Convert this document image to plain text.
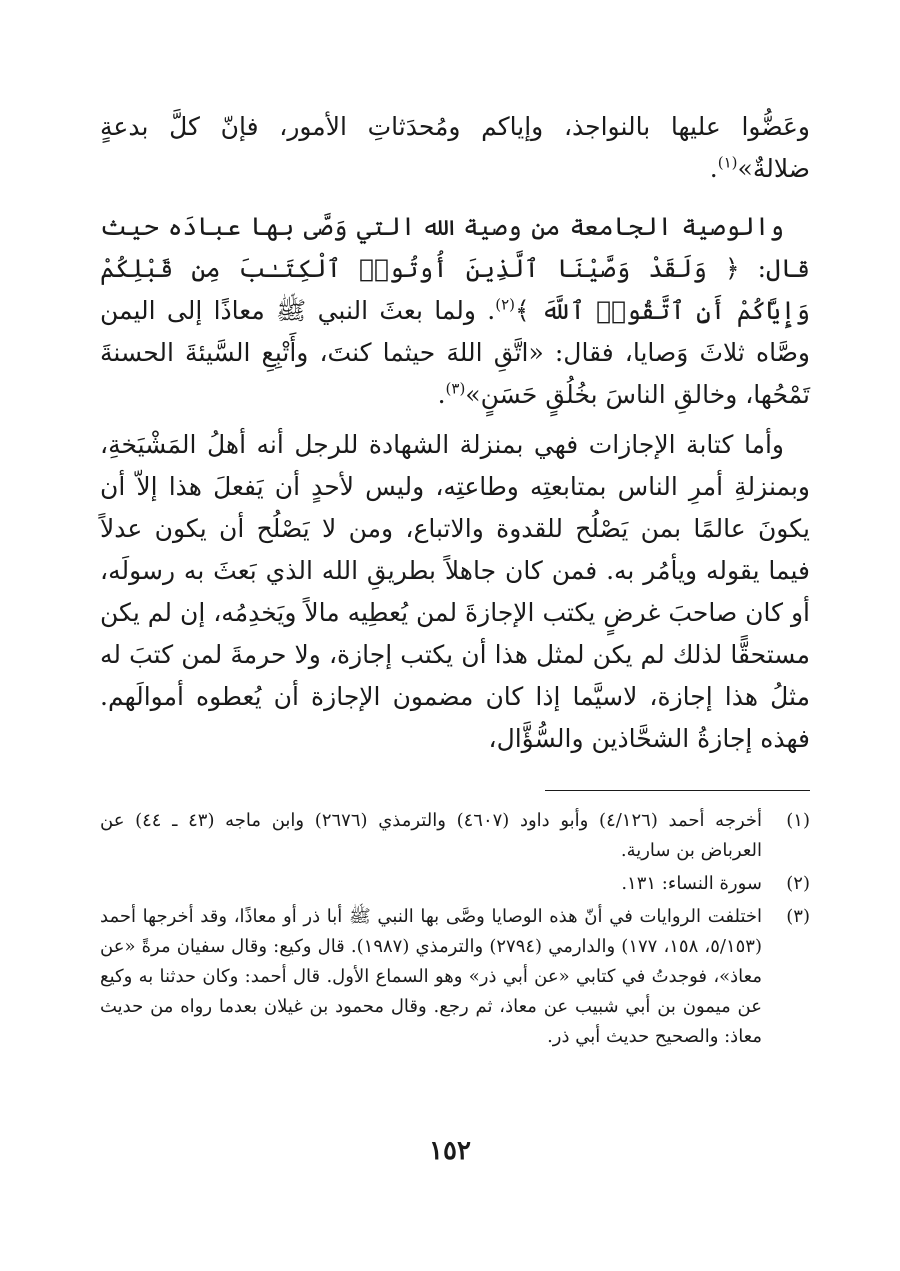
وعَضُّوا عليها بالنواجذ، وإياكم ومُحدَثاتِ الأمور، فإنّ كلَّ بدعةٍ ضلالةٌ»$^{(١)}$.
والوصية الجامعة من وصية الله التي وَصَّى بها عبادَه حيث قال: ﴿ وَلَقَدْ وَصَّيْنَا ٱلَّذِينَ أُوتُوا۟ ٱلْكِتَـٰبَ مِن قَبْلِكُمْ وَإِيَّاكُمْ أَنِ ٱتَّقُوا۟ ٱللَّهَ ﴾$^{(٢)}$. ولما بعثَ النبي ﷺ معاذًا إلى اليمن وصَّاه ثلاثَ وَصايا، فقال: «اتَّقِ اللهَ حيثما كنتَ، وأَتْبِعِ السَّيئةَ الحسنةَ تَمْحُها، وخالقِ الناسَ بخُلُقٍ حَسَنٍ»$^{(٣)}$.
وأما كتابة الإجازات فهي بمنزلة الشهادة للرجل أنه أهلُ المَشْيَخةِ، وبمنزلةِ أمرِ الناس بمتابعتِه وطاعتِه، وليس لأحدٍ أن يَفعلَ هذا إلاّ أن يكونَ عالمًا بمن يَصْلُح للقدوة والاتباع، ومن لا يَصْلُح أن يكون عدلاً فيما يقوله ويأمُر به. فمن كان جاهلاً بطريقِ الله الذي بَعثَ به رسولَه، أو كان صاحبَ غرضٍ يكتب الإجازةَ لمن يُعطِيه مالاً ويَخدِمُه، إن لم يكن مستحقًّا لذلك لم يكن لمثل هذا أن يكتب إجازة، ولا حرمةَ لمن كتبَ له مثلُ هذا إجازة، لاسيَّما إذا كان مضمون الإجازة أن يُعطوه أموالَهم. فهذه إجازةُ الشحَّاذين والسُّؤَّال،
(١)
أخرجه أحمد (٤/١٢٦) وأبو داود (٤٦٠٧) والترمذي (٢٦٧٦) وابن ماجه (٤٣ ـ ٤٤) عن العرباض بن سارية.
(٢)
سورة النساء: ١٣١.
(٣)
اختلفت الروايات في أنّ هذه الوصايا وصَّى بها النبي ﷺ أبا ذر أو معاذًا، وقد أخرجها أحمد (٥/١٥٣، ١٥٨، ١٧٧) والدارمي (٢٧٩٤) والترمذي (١٩٨٧). قال وكيع: وقال سفيان مرةً «عن معاذ»، فوجدتُ في كتابي «عن أبي ذر» وهو السماع الأول. قال أحمد: وكان حدثنا به وكيع عن ميمون بن أبي شبيب عن معاذ، ثم رجع. وقال محمود بن غيلان بعدما رواه من حديث معاذ: والصحيح حديث أبي ذر.
١٥٢
